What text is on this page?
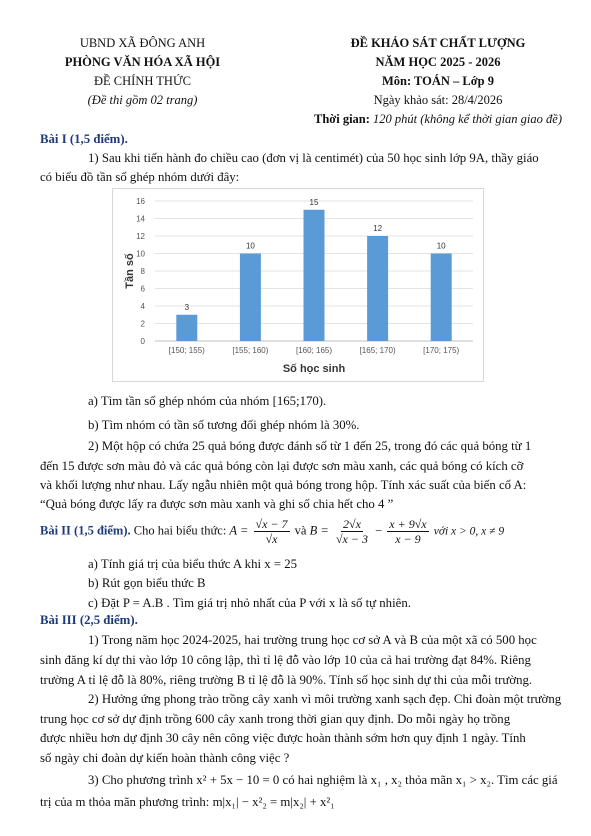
UBND XÃ ĐÔNG ANH
PHÒNG VĂN HÓA XÃ HỘI
ĐỀ CHÍNH THỨC
(Đề thi gồm 02 trang)
ĐỀ KHẢO SÁT CHẤT LƯỢNG
NĂM HỌC 2025 - 2026
Môn: TOÁN – Lớp 9
Ngày khảo sát: 28/4/2026
Thời gian: 120 phút (không kể thời gian giao đề)
Bài I (1,5 điểm).
1) Sau khi tiến hành đo chiều cao (đơn vị là centimét) của 50 học sinh lớp 9A, thầy giáo
có biểu đồ tần số ghép nhóm dưới đây:
0
2
4
6
8
10
12
14
16
Tần số
3
[150; 155)
10
[155; 160)
15
[160; 165)
12
[165; 170)
10
[170; 175)
Số học sinh
a) Tìm tần số ghép nhóm của nhóm [165;170).
b) Tìm nhóm có tần số tương đối ghép nhóm là 30%.
2) Một hộp có chứa 25 quả bóng được đánh số từ 1 đến 25, trong đó các quả bóng từ 1
đến 15 được sơn màu đỏ và các quả bóng còn lại được sơn màu xanh, các quả bóng có kích cỡ
và khối lượng như nhau. Lấy ngẫu nhiên một quả bóng trong hộp. Tính xác suất của biến cố A:
“Quả bóng được lấy ra được sơn màu xanh và ghi số chia hết cho 4 ”
Bài II (1,5 điểm). Cho hai biểu thức: $A = \frac{√x - 7}{√x}$ và $B = \frac{2√x}{√x - 3} - \frac{x + 9√x}{x - 9}$ với x > 0, x ≠ 9
a) Tính giá trị của biểu thức A khi x = 25
b) Rút gọn biểu thức B
c) Đặt P = A.B . Tìm giá trị nhỏ nhất của P với x là số tự nhiên.
Bài III (2,5 điểm).
1) Trong năm học 2024-2025, hai trường trung học cơ sở A và B của một xã có 500 học
sinh đăng kí dự thi vào lớp 10 công lập, thì tỉ lệ đỗ vào lớp 10 của cả hai trường đạt 84%. Riêng
trường A tỉ lệ đỗ là 80%, riêng trường B tỉ lệ đỗ là 90%. Tính số học sinh dự thi của mỗi trường.
2) Hưởng ứng phong trào trồng cây xanh vì môi trường xanh sạch đẹp. Chi đoàn một trường
trung học cơ sở dự định trồng 600 cây xanh trong thời gian quy định. Do mỗi ngày họ trồng
được nhiều hơn dự định 30 cây nên công việc được hoàn thành sớm hơn quy định 1 ngày. Tính
số ngày chi đoàn dự kiến hoàn thành công việc ?
3) Cho phương trình x² + 5x − 10 = 0 có hai nghiệm là x₁ , x₂ thỏa mãn x₁ > x₂. Tìm các giá
trị của m thỏa mãn phương trình: m|x₁| − x²₂ = m|x₂| + x²₁
